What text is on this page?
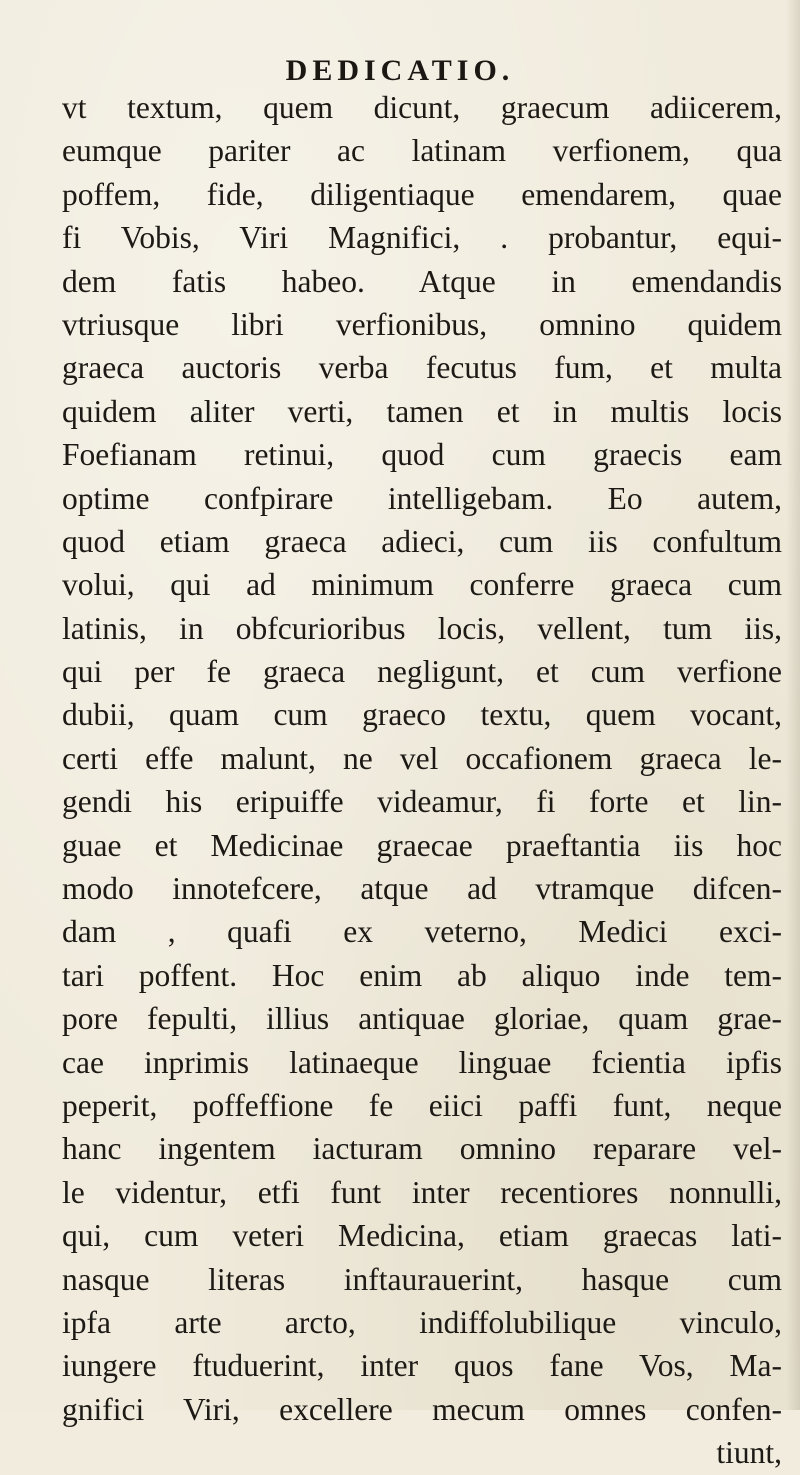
DEDICATIO.
vt textum, quem dicunt, graecum adiicerem,
eumque pariter ac latinam verfionem, qua
poffem, fide, diligentiaque emendarem, quae
fi Vobis, Viri Magnifici, . probantur, equi-
dem fatis habeo. Atque in emendandis
vtriusque libri verfionibus, omnino quidem
graeca auctoris verba fecutus fum, et multa
quidem aliter verti, tamen et in multis locis
Foefianam retinui, quod cum graecis eam
optime confpirare intelligebam. Eo autem,
quod etiam graeca adieci, cum iis confultum
volui, qui ad minimum conferre graeca cum
latinis, in obfcurioribus locis, vellent, tum iis,
qui per fe graeca negligunt, et cum verfione
dubii, quam cum graeco textu, quem vocant,
certi effe malunt, ne vel occafionem graeca le-
gendi his eripuiffe videamur, fi forte et lin-
guae et Medicinae graecae praeftantia iis hoc
modo innotefcere, atque ad vtramque difcen-
dam , quafi ex veterno, Medici exci-
tari poffent. Hoc enim ab aliquo inde tem-
pore fepulti, illius antiquae gloriae, quam grae-
cae inprimis latinaeque linguae fcientia ipfis
peperit, poffeffione fe eiici paffi funt, neque
hanc ingentem iacturam omnino reparare vel-
le videntur, etfi funt inter recentiores nonnulli,
qui, cum veteri Medicina, etiam graecas lati-
nasque literas inftaurauerint, hasque cum
ipfa arte arcto, indiffolubilique vinculo,
iungere ftuduerint, inter quos fane Vos, Ma-
gnifici Viri, excellere mecum omnes confen-
tiunt,
